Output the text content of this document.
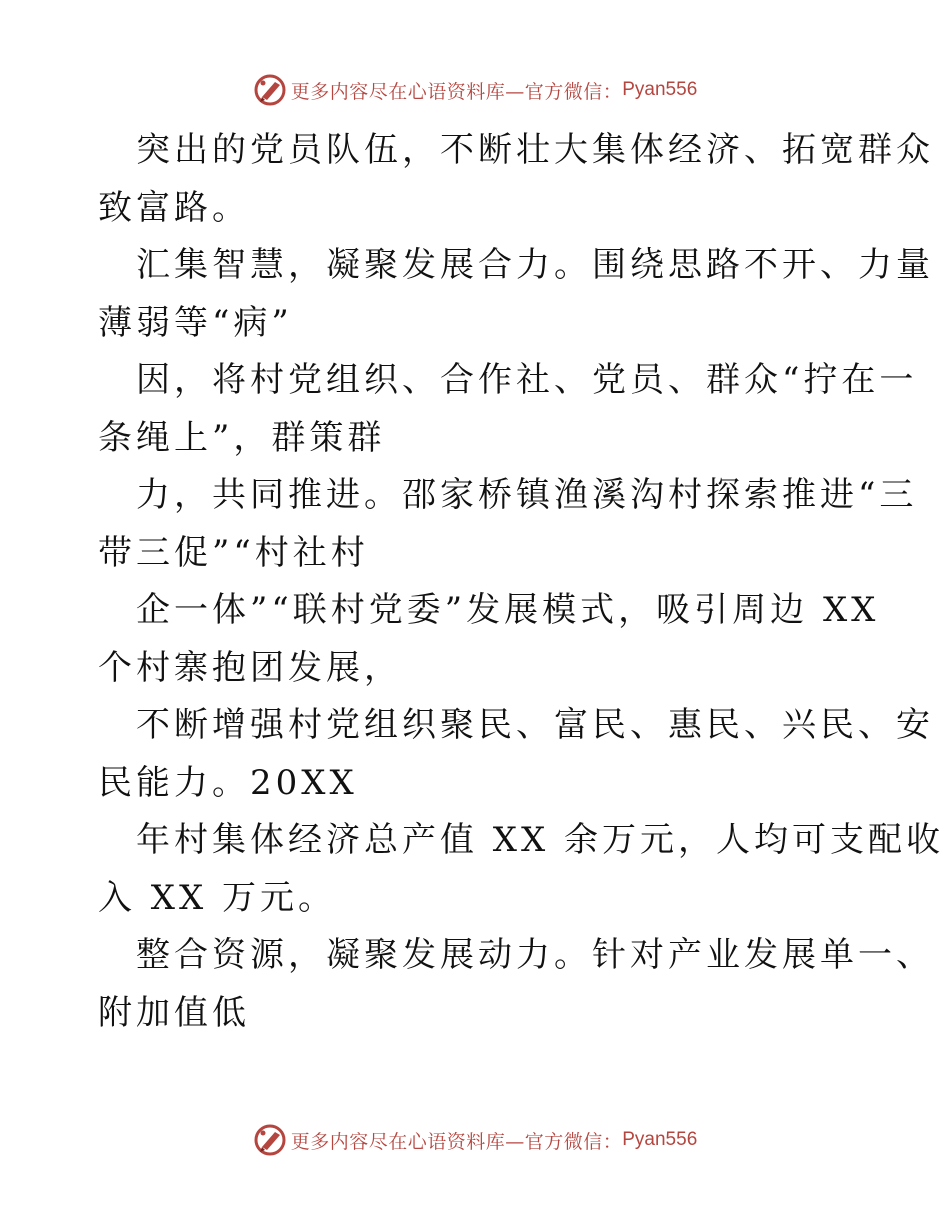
更多内容尽在心语资料库—官方微信： Pyan556
突出的党员队伍，不断壮大集体经济、拓宽群众
致富路。
汇集智慧，凝聚发展合力。围绕思路不开、力量
薄弱等“病”
因，将村党组织、合作社、党员、群众“拧在一
条绳上”，群策群
力，共同推进。邵家桥镇渔溪沟村探索推进“三
带三促”“村社村
企一体”“联村党委”发展模式，吸引周边 XX
个村寨抱团发展，
不断增强村党组织聚民、富民、惠民、兴民、安
民能力。20XX
年村集体经济总产值 XX 余万元，人均可支配收
入 XX 万元。
整合资源，凝聚发展动力。针对产业发展单一、
附加值低
更多内容尽在心语资料库—官方微信： Pyan556
